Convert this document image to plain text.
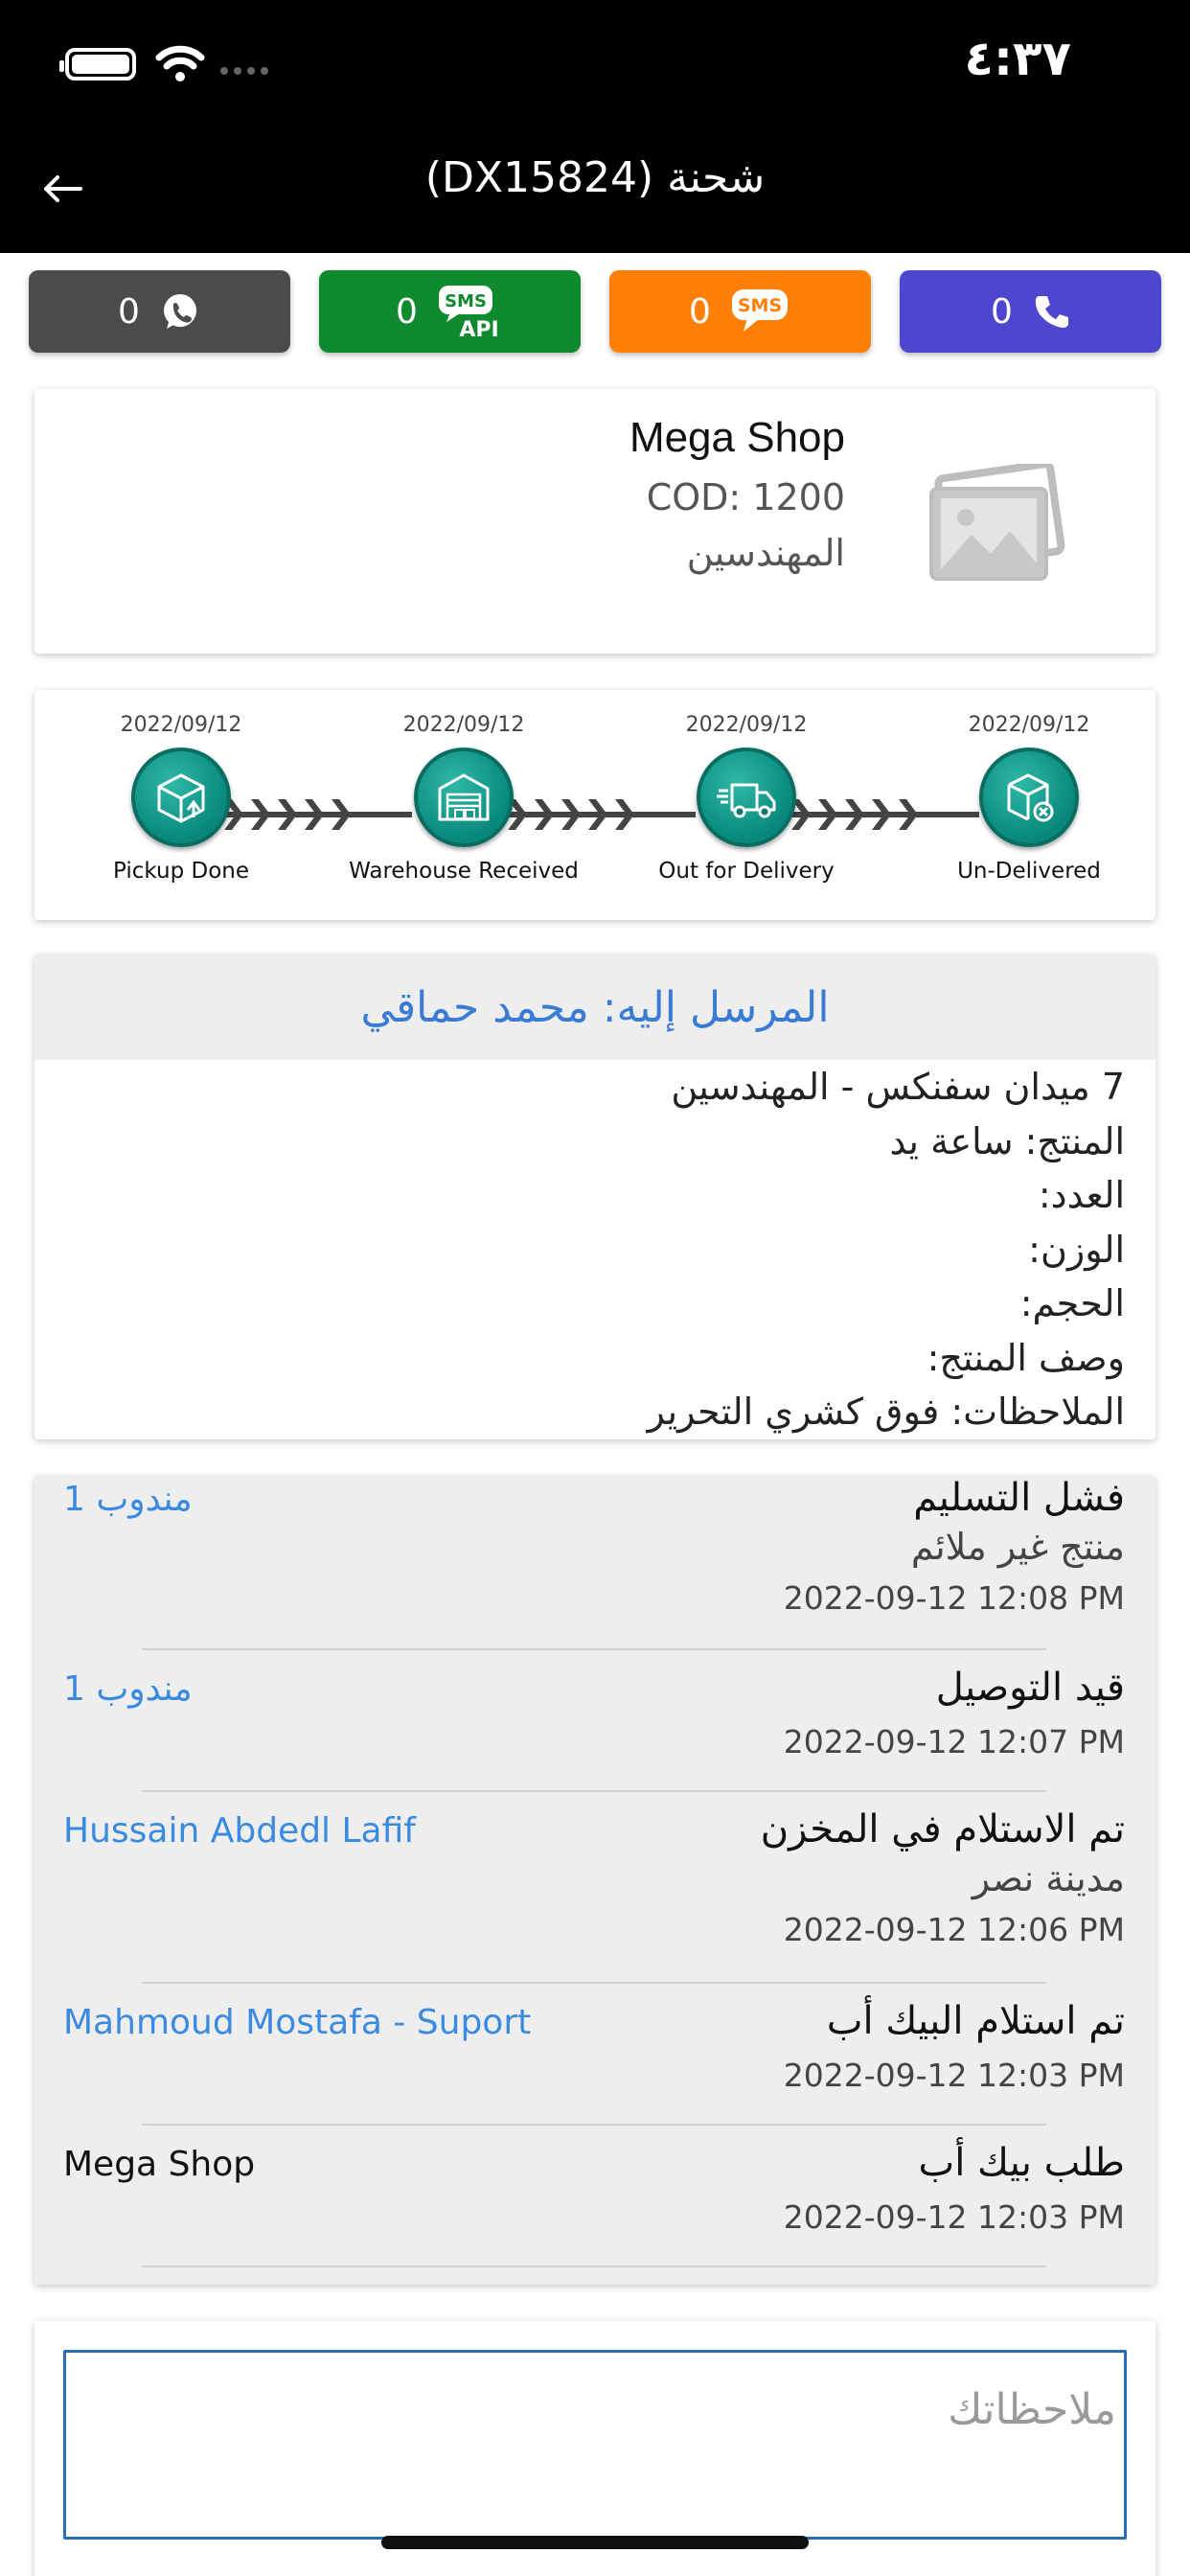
٤:٣٧
شحنة (DX15824)
0	0 SMS
API	0 SMS	0
Mega Shop
COD: 1200
المهندسين
2022/09/12
Pickup Done
2022/09/12
Warehouse Received
2022/09/12
Out for Delivery
2022/09/12
Un-Delivered
المرسل إليه: محمد حماقي
7 ميدان سفنكس - المهندسين
المنتج: ساعة يد
العدد:
الوزن:
الحجم:
وصف المنتج:
الملاحظات: فوق كشري التحرير
فشل التسليم
منتج غير ملائم
2022-09-12 12:08 PM
مندوب 1
قيد التوصيل
2022-09-12 12:07 PM
مندوب 1
تم الاستلام في المخزن
مدينة نصر
2022-09-12 12:06 PM
Hussain Abdedl Lafif
تم استلام البيك أب
2022-09-12 12:03 PM
Mahmoud Mostafa - Suport
طلب بيك أب
2022-09-12 12:03 PM
Mega Shop
ملاحظاتك
